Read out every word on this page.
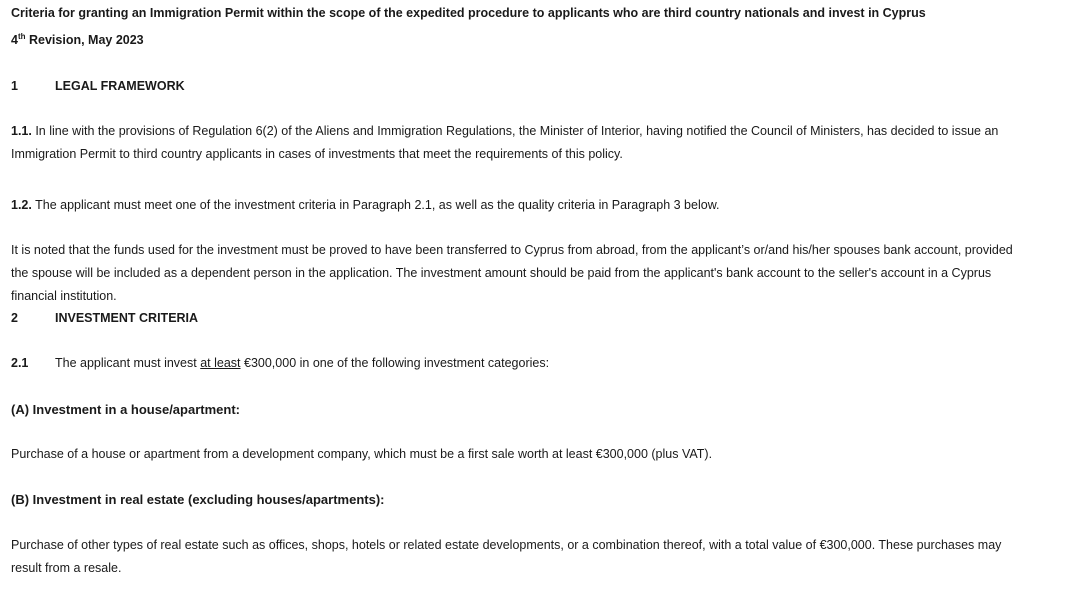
Criteria for granting an Immigration Permit within the scope of the expedited procedure to applicants who are third country nationals and invest in Cyprus
4th Revision, May 2023
1	LEGAL FRAMEWORK
1.1. In line with the provisions of Regulation 6(2) of the Aliens and Immigration Regulations, the Minister of Interior, having notified the Council of Ministers, has decided to issue an
Immigration Permit to third country applicants in cases of investments that meet the requirements of this policy.
1.2. The applicant must meet one of the investment criteria in Paragraph 2.1, as well as the quality criteria in Paragraph 3 below.
It is noted that the funds used for the investment must be proved to have been transferred to Cyprus from abroad, from the applicant’s or/and his/her spouses bank account, provided
the spouse will be included as a dependent person in the application. The investment amount should be paid from the applicant's bank account to the seller's account in a Cyprus
financial institution.
2	INVESTMENT CRITERIA
2.1 The applicant must invest at least €300,000 in one of the following investment categories:
(A) Investment in a house/apartment:
Purchase of a house or apartment from a development company, which must be a first sale worth at least €300,000 (plus VAT).
(B) Investment in real estate (excluding houses/apartments):
Purchase of other types of real estate such as offices, shops, hotels or related estate developments, or a combination thereof, with a total value of €300,000. These purchases may
result from a resale.
